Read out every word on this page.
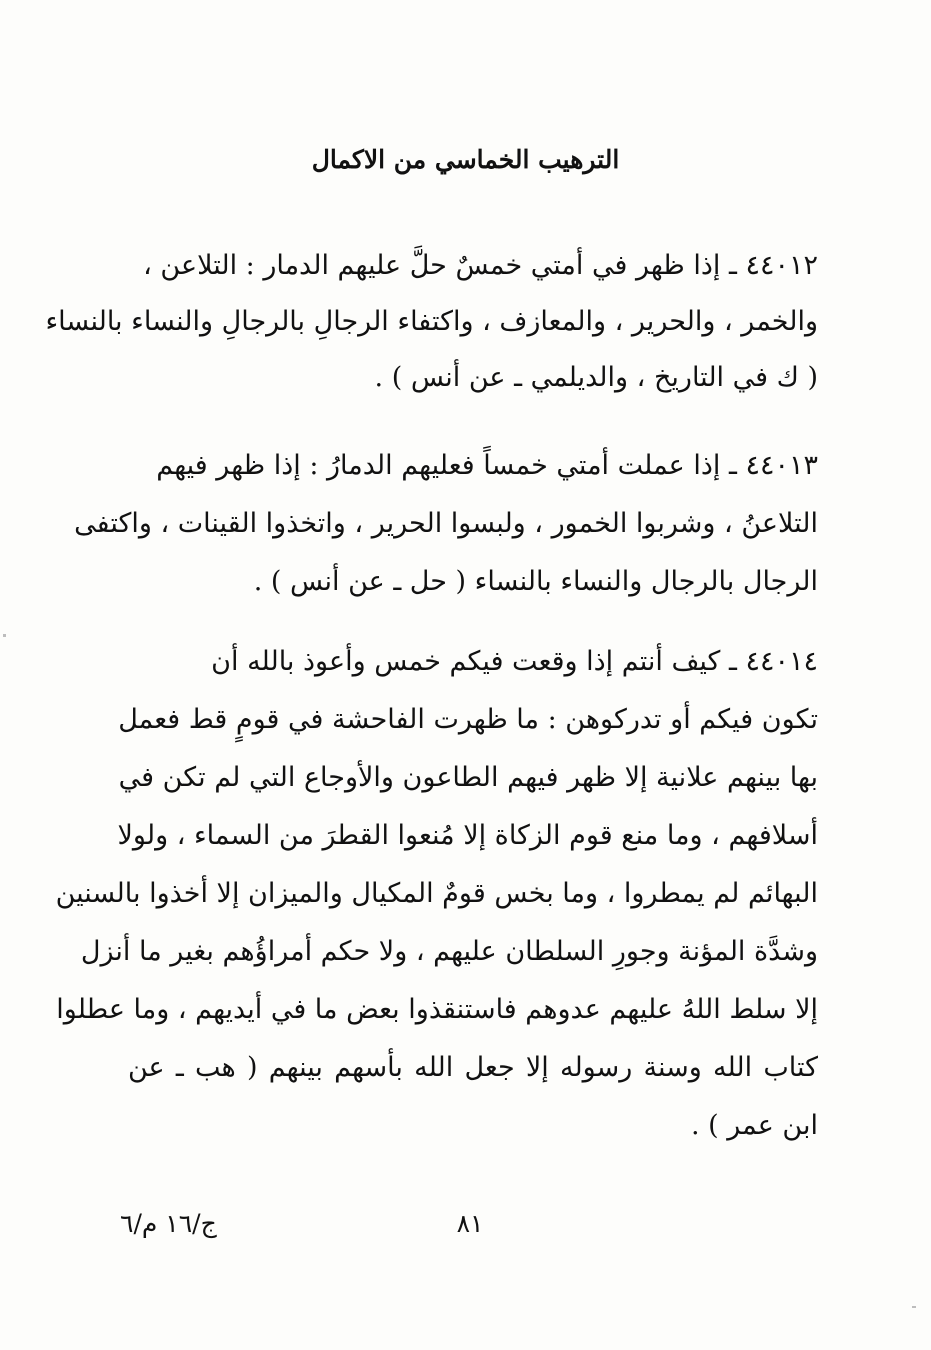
الترهيب الخماسي من الاكمال
٤٤٠١٢ ـ إذا ظهر في أمتي خمسٌ حلَّ عليهم الدمار : التلاعن ،
والخمر ، والحرير ، والمعازف ، واكتفاء الرجالِ بالرجالِ والنساء بالنساء
( ك في التاريخ ، والديلمي ـ عن أنس ) .
٤٤٠١٣ ـ إذا عملت أمتي خمساً فعليهم الدمارُ : إذا ظهر فيهم
التلاعنُ ، وشربوا الخمور ، ولبسوا الحرير ، واتخذوا القينات ، واكتفى
الرجال بالرجال والنساء بالنساء ( حل ـ عن أنس ) .
٤٤٠١٤ ـ كيف أنتم إذا وقعت فيكم خمس وأعوذ بالله أن
تكون فيكم أو تدركوهن : ما ظهرت الفاحشة في قومٍ قط فعمل
بها بينهم علانية إلا ظهر فيهم الطاعون والأوجاع التي لم تكن في
أسلافهم ، وما منع قوم الزكاة إلا مُنعوا القطرَ من السماء ، ولولا
البهائم لم يمطروا ، وما بخس قومٌ المكيال والميزان إلا أخذوا بالسنين
وشدَّة المؤنة وجورِ السلطان عليهم ، ولا حكم أمراؤُهم بغير ما أنزل
إلا سلط اللهُ عليهم عدوهم فاستنقذوا بعض ما في أيديهم ، وما عطلوا
كتاب الله وسنة رسوله إلا جعل الله بأسهم بينهم ( هب ـ عن
ابن عمر ) .
٨١
ج/١٦ م/٦
